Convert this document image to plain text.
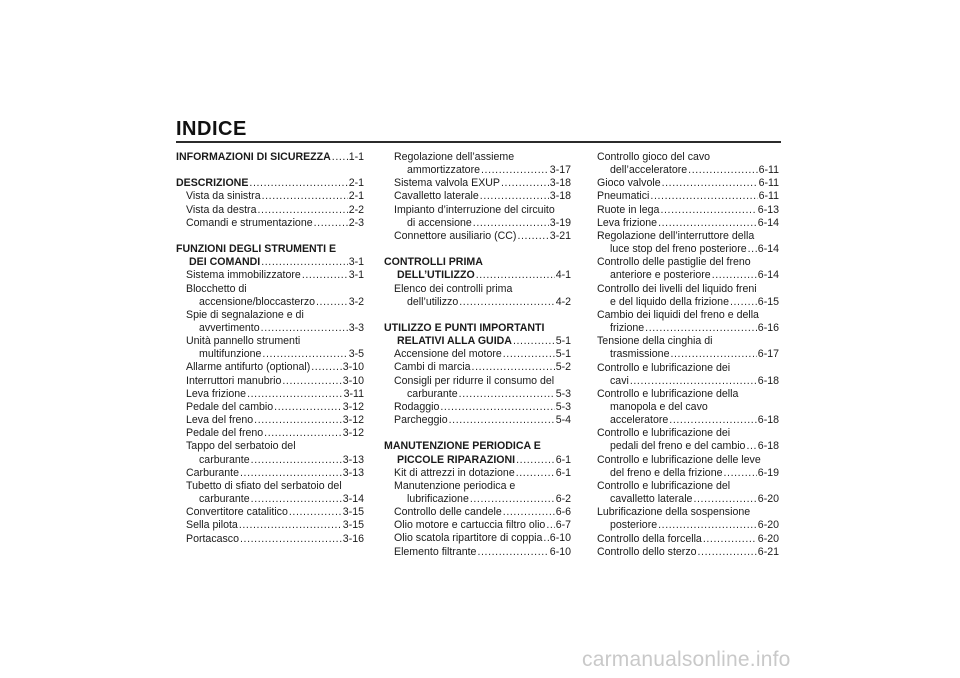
INDICE
INFORMAZIONI DI SICUREZZA ..... 1-1
DESCRIZIONE .....	2-1
Vista da sinistra .....	2-1
Vista da destra .....	2-2
Comandi e strumentazione .....	2-3
FUNZIONI DEGLI STRUMENTI E
DEI COMANDI .....	3-1
Sistema immobilizzatore .....	3-1
Blocchetto di
accensione/bloccasterzo .....	3-2
Spie di segnalazione e di
avvertimento .....	3-3
Unità pannello strumenti
multifunzione .....	3-5
Allarme antifurto (optional) .....	3-10
Interruttori manubrio .....	3-10
Leva frizione .....	3-11
Pedale del cambio .....	3-12
Leva del freno .....	3-12
Pedale del freno .....	3-12
Tappo del serbatoio del
carburante .....	3-13
Carburante .....	3-13
Tubetto di sfiato del serbatoio del
carburante .....	3-14
Convertitore catalitico .....	3-15
Sella pilota .....	3-15
Portacasco .....	3-16
Regolazione dell’assieme
ammortizzatore .....	3-17
Sistema valvola EXUP .....	3-18
Cavalletto laterale .....	3-18
Impianto d’interruzione del circuito
di accensione .....	3-19
Connettore ausiliario (CC) .....	3-21
CONTROLLI PRIMA
DELL’UTILIZZO .....	4-1
Elenco dei controlli prima
dell’utilizzo .....	4-2
UTILIZZO E PUNTI IMPORTANTI
RELATIVI ALLA GUIDA .....	5-1
Accensione del motore .....	5-1
Cambi di marcia .....	5-2
Consigli per ridurre il consumo del
carburante .....	5-3
Rodaggio .....	5-3
Parcheggio .....	5-4
MANUTENZIONE PERIODICA E
PICCOLE RIPARAZIONI .....	6-1
Kit di attrezzi in dotazione .....	6-1
Manutenzione periodica e
lubrificazione .....	6-2
Controllo delle candele .....	6-6
Olio motore e cartuccia filtro olio ..... 6-7
Olio scatola ripartitore di coppia ..... 6-10
Elemento filtrante .....	6-10
Controllo gioco del cavo
dell’acceleratore .....	6-11
Gioco valvole .....	6-11
Pneumatici .....	6-11
Ruote in lega .....	6-13
Leva frizione .....	6-14
Regolazione dell’interruttore della
luce stop del freno posteriore ..... 6-14
Controllo delle pastiglie del freno
anteriore e posteriore .....	6-14
Controllo dei livelli del liquido freni
e del liquido della frizione .....	6-15
Cambio dei liquidi del freno e della
frizione .....	6-16
Tensione della cinghia di
trasmissione .....	6-17
Controllo e lubrificazione dei
cavi .....	6-18
Controllo e lubrificazione della
manopola e del cavo
acceleratore .....	6-18
Controllo e lubrificazione dei
pedali del freno e del cambio ..... 6-18
Controllo e lubrificazione delle leve
del freno e della frizione .....	6-19
Controllo e lubrificazione del
cavalletto laterale .....	6-20
Lubrificazione della sospensione
posteriore .....	6-20
Controllo della forcella .....	6-20
Controllo dello sterzo .....	6-21
carmanualsonline.info
